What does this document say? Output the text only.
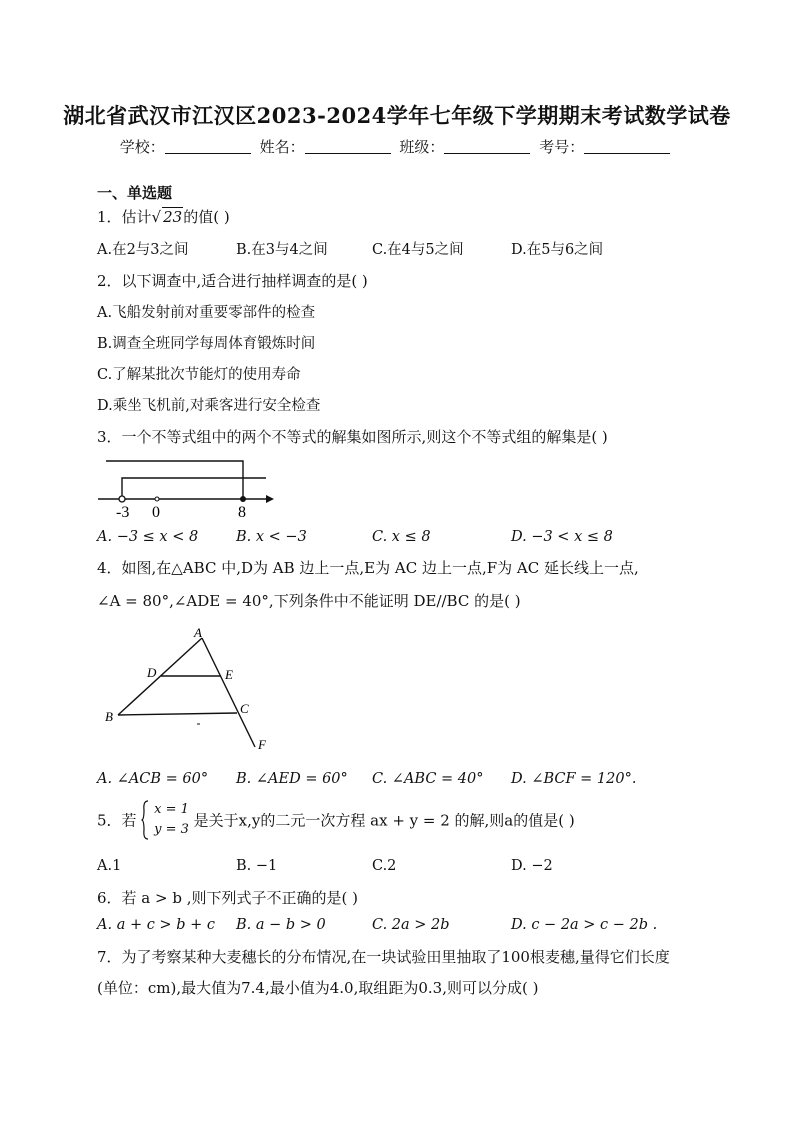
湖北省武汉市江汉区2023-2024学年七年级下学期期末考试数学试卷
学校：	姓名：	班级：	考号：
一、单选题
1．估计√ 23的值( )
A.在2与3之间	B.在3与4之间	C.在4与5之间	D.在5与6之间
2．以下调查中,适合进行抽样调查的是( )
A.飞船发射前对重要零部件的检查
B.调查全班同学每周体育锻炼时间
C.了解某批次节能灯的使用寿命
D.乘坐飞机前,对乘客进行安全检查
3．一个不等式组中的两个不等式的解集如图所示,则这个不等式组的解集是( )
-3 0	8
A. −3 ≤ x < 8	B. x < −3	C. x ≤ 8	D. −3 < x ≤ 8
4．如图,在△ABC 中,D为 AB 边上一点,E为 AC 边上一点,F为 AC 延长线上一点,
∠A = 80°,∠ADE = 40°,下列条件中不能证明 DE//BC 的是( )
A
D	E
B
C
F
A. ∠ACB = 60° B. ∠AED = 60° C. ∠ABC = 40° D. ∠BCF = 120°.
5．若  x = 1
y = 3 是关于x,y的二元一次方程 ax + y = 2 的解,则a的值是( )
A.1	B. −1	C.2	D. −2
6．若 a > b ,则下列式子不正确的是( )
A. a + c > b + c B. a − b > 0	C. 2a > 2b	D. c − 2a > c − 2b .
7．为了考察某种大麦穗长的分布情况,在一块试验田里抽取了100根麦穗,量得它们长度
(单位：cm),最大值为7.4,最小值为4.0,取组距为0.3,则可以分成( )
